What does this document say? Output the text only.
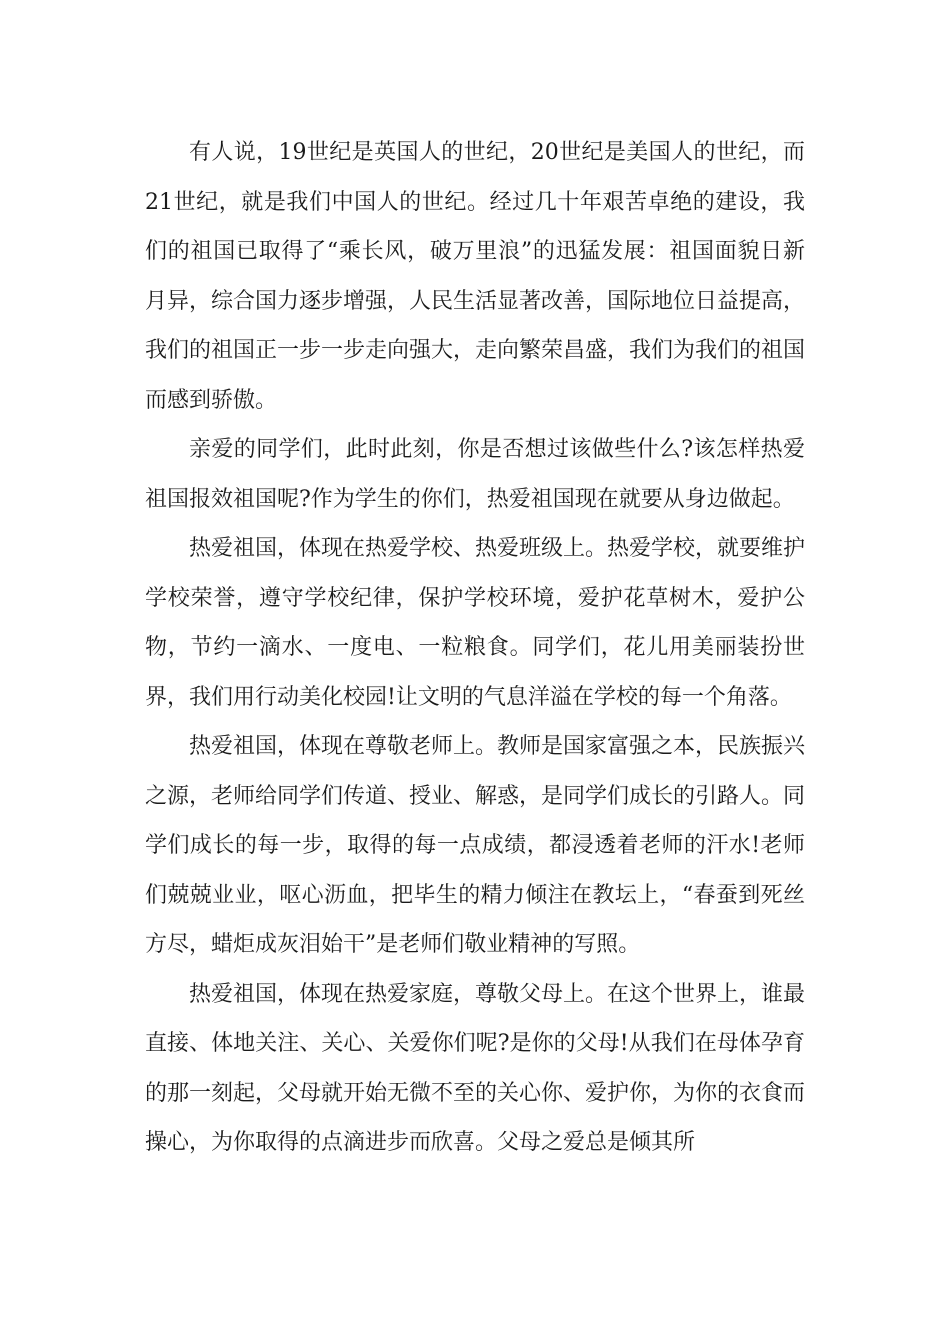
有人说，19世纪是英国人的世纪，20世纪是美国人的世纪，而21世纪，就是我们中国人的世纪。经过几十年艰苦卓绝的建设，我们的祖国已取得了“乘长风，破万里浪”的迅猛发展：祖国面貌日新月异，综合国力逐步增强，人民生活显著改善，国际地位日益提高，我们的祖国正一步一步走向强大，走向繁荣昌盛，我们为我们的祖国而感到骄傲。

亲爱的同学们，此时此刻，你是否想过该做些什么?该怎样热爱祖国报效祖国呢?作为学生的你们，热爱祖国现在就要从身边做起。

热爱祖国，体现在热爱学校、热爱班级上。热爱学校，就要维护学校荣誉，遵守学校纪律，保护学校环境，爱护花草树木，爱护公物，节约一滴水、一度电、一粒粮食。同学们，花儿用美丽装扮世界，我们用行动美化校园!让文明的气息洋溢在学校的每一个角落。

热爱祖国，体现在尊敬老师上。教师是国家富强之本，民族振兴之源，老师给同学们传道、授业、解惑，是同学们成长的引路人。同学们成长的每一步，取得的每一点成绩，都浸透着老师的汗水!老师们兢兢业业，呕心沥血，把毕生的精力倾注在教坛上，“春蚕到死丝方尽，蜡炬成灰泪始干”是老师们敬业精神的写照。

热爱祖国，体现在热爱家庭，尊敬父母上。在这个世界上，谁最直接、体地关注、关心、关爱你们呢?是你的父母!从我们在母体孕育的那一刻起，父母就开始无微不至的关心你、爱护你，为你的衣食而操心，为你取得的点滴进步而欣喜。父母之爱总是倾其所
